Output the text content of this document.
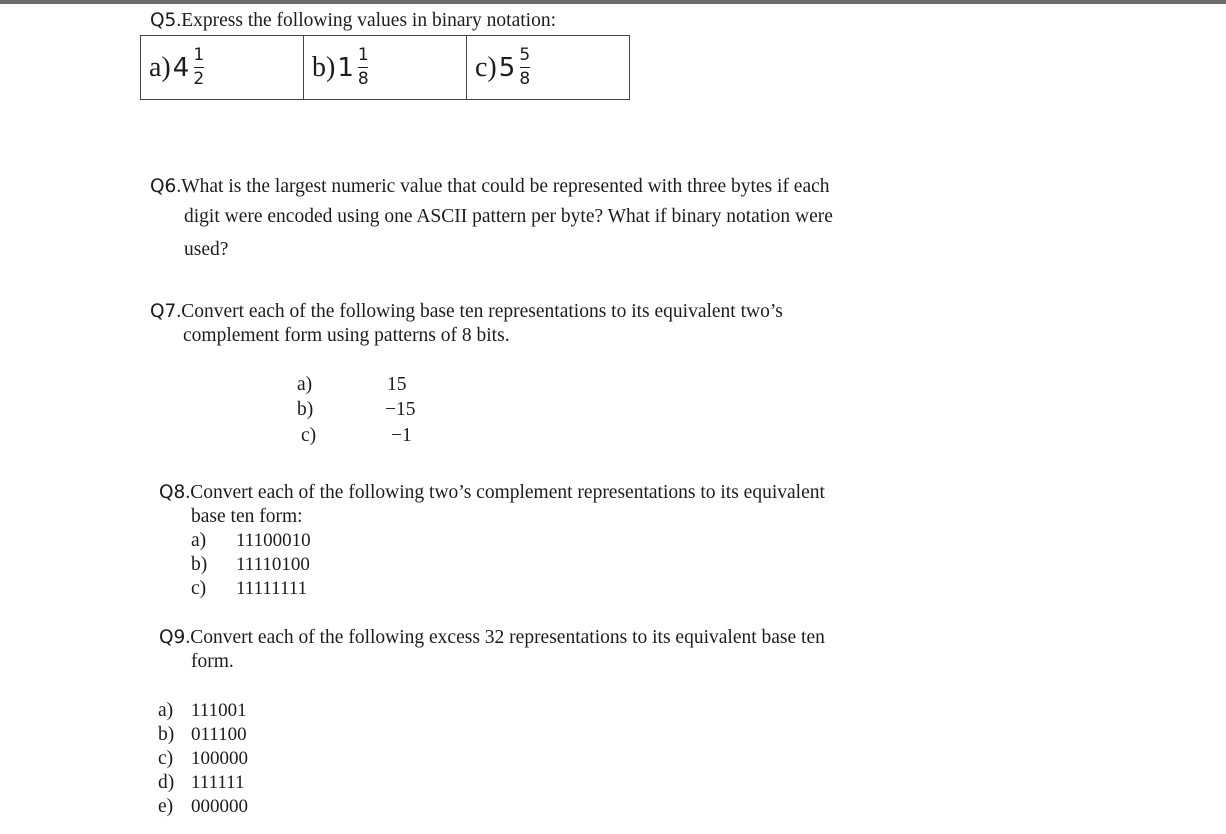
Q5.Express the following values in binary notation:
a) $4 \frac{1}{2}$	b) $1 \frac{1}{8}$	c) $5 \frac{5}{8}$
Q6.What is the largest numeric value that could be represented with three bytes if each
digit were encoded using one ASCII pattern per byte? What if binary notation were
used?
Q7.Convert each of the following base ten representations to its equivalent two’s
complement form using patterns of 8 bits.
a)	15
b)	−15
c)	−1
Q8.Convert each of the following two’s complement representations to its equivalent
base ten form:
a) 11100010
b) 11110100
c) 11111111
Q9.Convert each of the following excess 32 representations to its equivalent base ten
form.
a) 111001
b) 011100
c) 100000
d) 111111
e) 000000
